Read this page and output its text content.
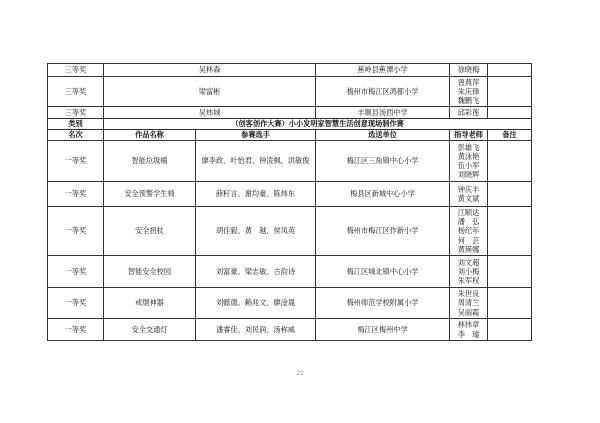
三等奖	吴林森		蕉岭县蕉潭小学	徐晓梅	

三等奖	梁富彬		梅州市梅江区鸿都小学	曾燕萍
朱庆锋
魏鹏飞	

三等奖	吴炜城		丰顺县汤西中学	邱彩莲	

类别	（创客创作大赛）小小发明家智慧生活创意现场制作赛				
名次	作品名称	参赛选手	选送单位	指导老师	备注
一等奖	智能垃圾桶	廖李政、叶怡君、钟凌枫、洪敏俊	梅江区三角镇中心小学	彭雄飞
黄泳艳
伍小军
刘晓辉	

一等奖	安全预警学生椅	薛籽言、谢均豪、陈炜东	梅县区新城中心小学	钟庆丰
黄文斌	

一等奖	安全拐杖	胡佳毅、黄　越、侯凤英	梅州市梅江区作新小学	江顺达
潘　弘
杨纪年
何　芸
黄瑛娜	

一等奖	智能安全校园	刘富豪、梁志敏、古韵诗	梅江区城北镇中心小学	刘文超
刘小梅
朱军权	

一等奖	戒烟神器	刘懿德、赖兆文、廖淦晟	梅州师范学校附属小学	朱世良
周清兰
吴丽霞	

一等奖	安全交通灯	潘睿佳、刘民润、汤称威	梅江区梅州中学	林伟章
李　瑜	

22
